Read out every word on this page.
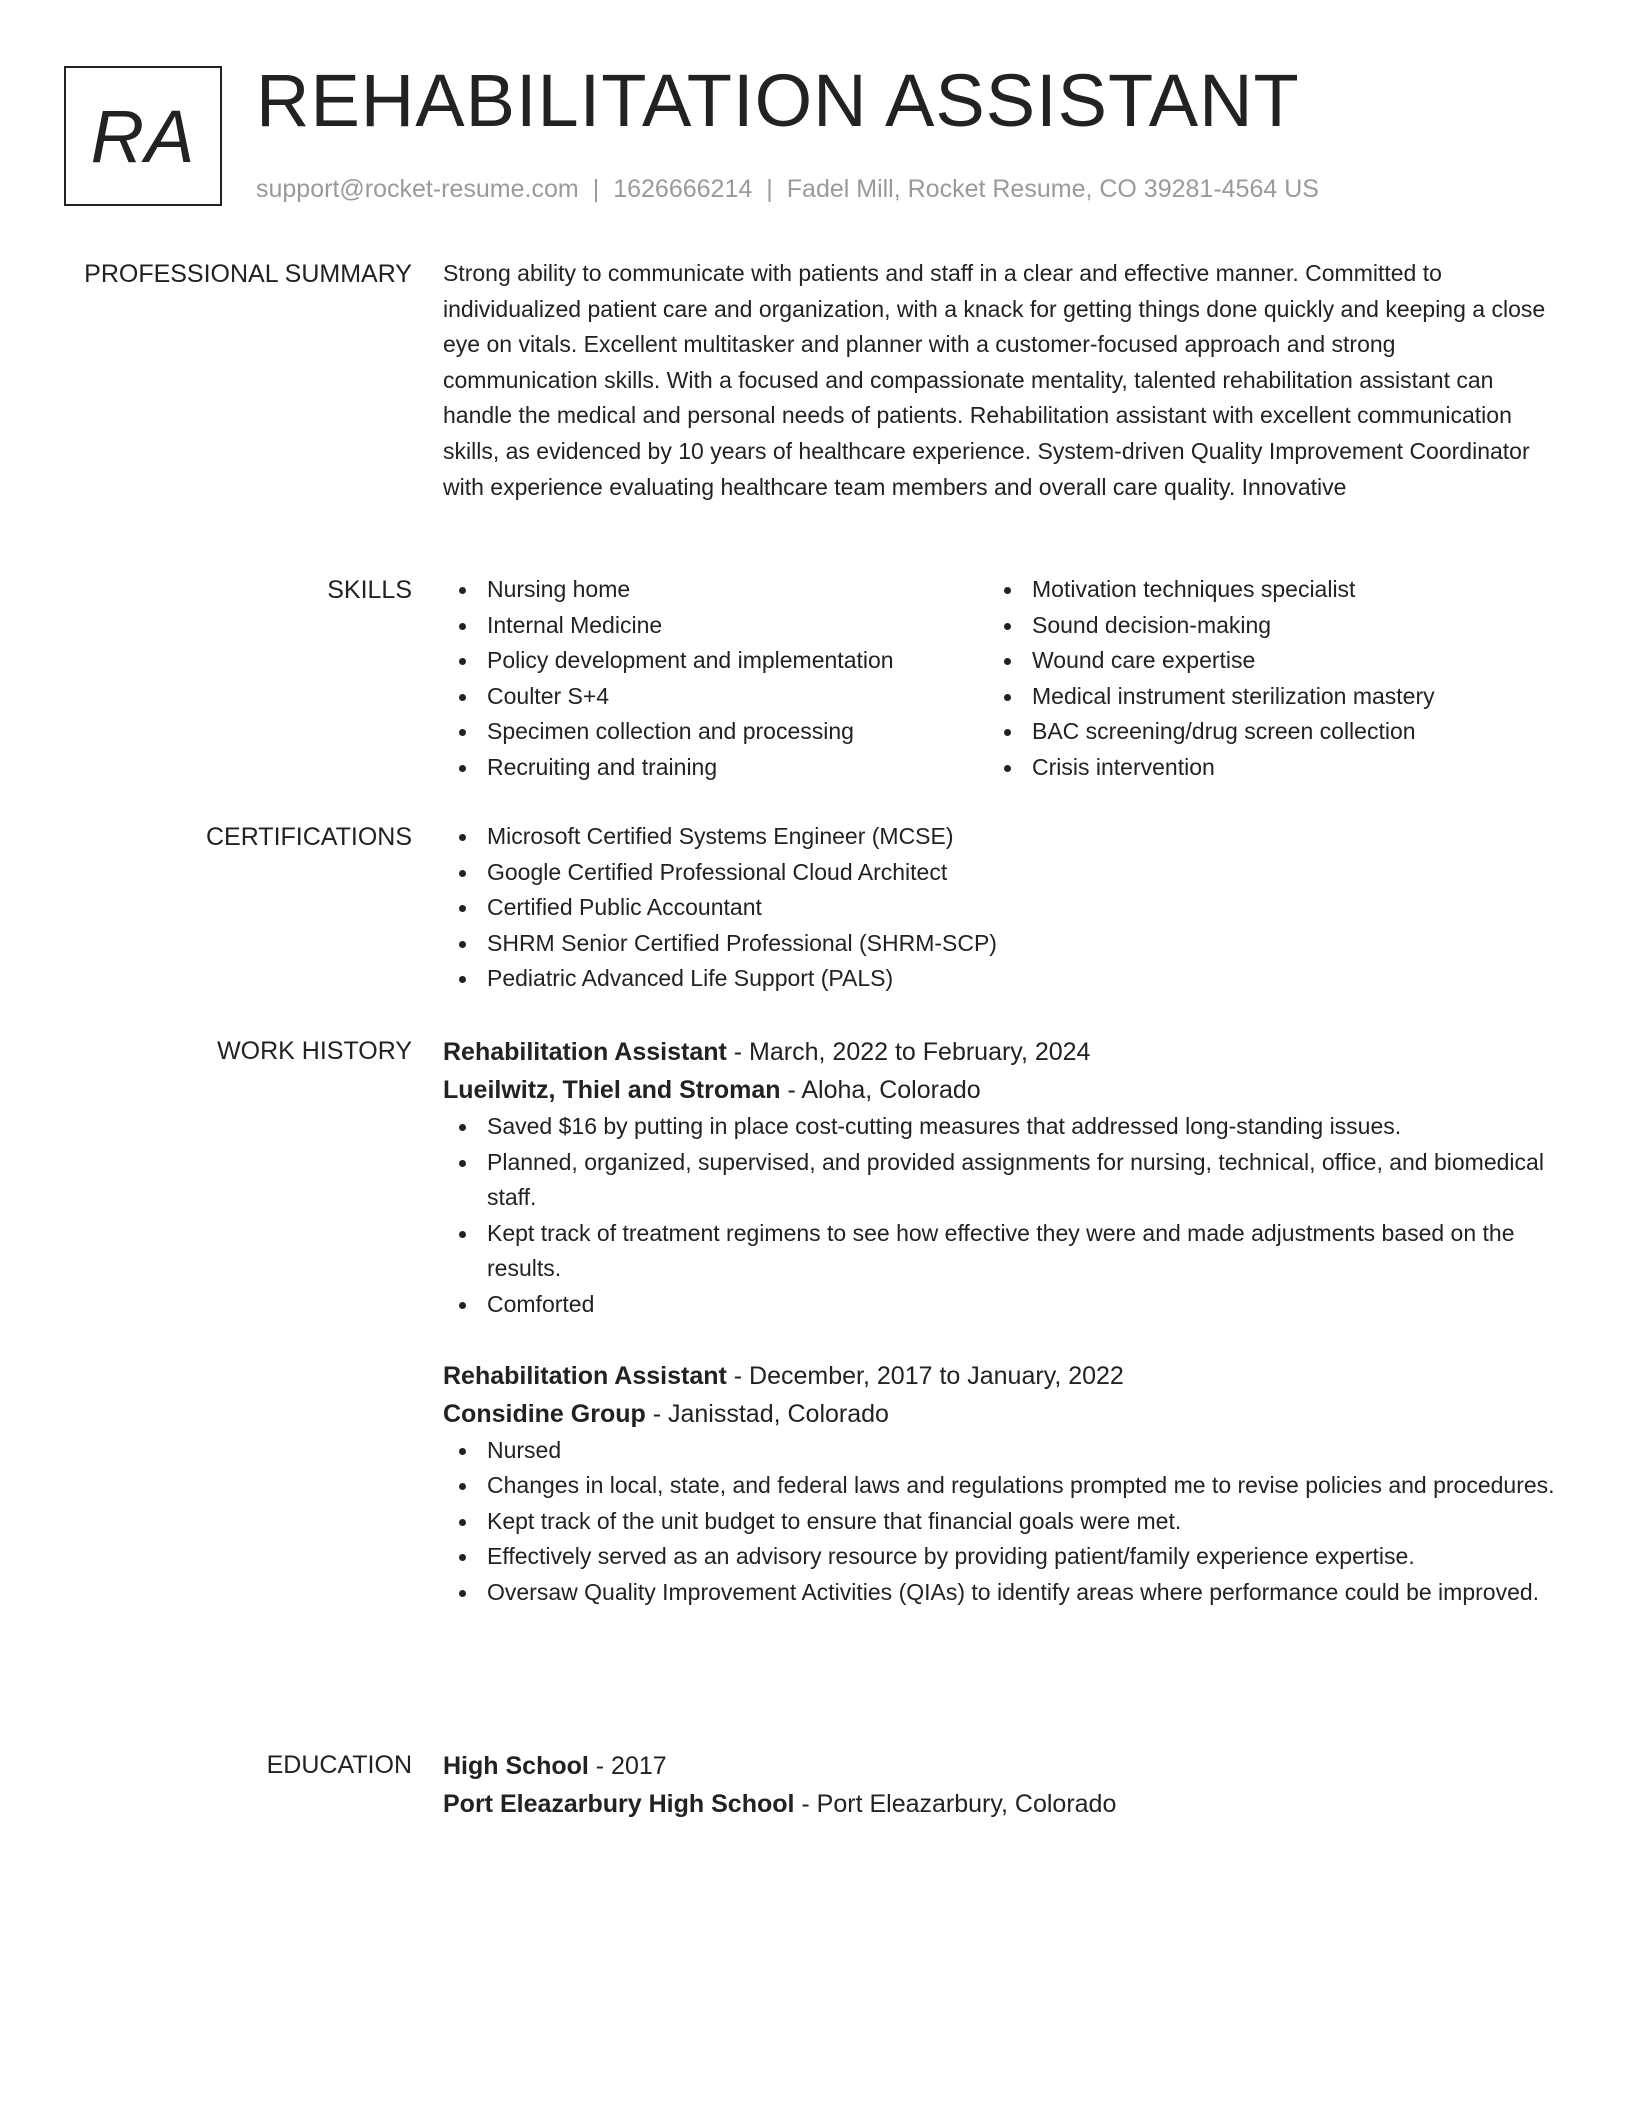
RA REHABILITATION ASSISTANT
support@rocket-resume.com | 1626666214 | Fadel Mill, Rocket Resume, CO 39281-4564 US
PROFESSIONAL SUMMARY Strong ability to communicate with patients and staff in a clear and effective manner. Committed to individualized patient care and organization, with a knack for getting things done quickly and keeping a close eye on vitals. Excellent multitasker and planner with a customer-focused approach and strong communication skills. With a focused and compassionate mentality, talented rehabilitation assistant can handle the medical and personal needs of patients. Rehabilitation assistant with excellent communication skills, as evidenced by 10 years of healthcare experience. System-driven Quality Improvement Coordinator with experience evaluating healthcare team members and overall care quality. Innovative

SKILLS	Nursing home
Internal Medicine
Policy development and implementation
Coulter S+4
Specimen collection and processing
Recruiting and training
Motivation techniques specialist
Sound decision-making
Wound care expertise
Medical instrument sterilization mastery
BAC screening/drug screen collection
Crisis intervention
CERTIFICATIONS	Microsoft Certified Systems Engineer (MCSE)
Google Certified Professional Cloud Architect
Certified Public Accountant
SHRM Senior Certified Professional (SHRM-SCP)
Pediatric Advanced Life Support (PALS)
WORK HISTORY Rehabilitation Assistant - March, 2022 to February, 2024
Lueilwitz, Thiel and Stroman - Aloha, Colorado
Saved $16 by putting in place cost-cutting measures that addressed long-standing issues.
Planned, organized, supervised, and provided assignments for nursing, technical, office, and biomedical staff.
Kept track of treatment regimens to see how effective they were and made adjustments based on the results.
Comforted
Rehabilitation Assistant - December, 2017 to January, 2022
Considine Group - Janisstad, Colorado
Nursed
Changes in local, state, and federal laws and regulations prompted me to revise policies and procedures.
Kept track of the unit budget to ensure that financial goals were met.
Effectively served as an advisory resource by providing patient/family experience expertise.
Oversaw Quality Improvement Activities (QIAs) to identify areas where performance could be improved.
EDUCATION High School - 2017
Port Eleazarbury High School - Port Eleazarbury, Colorado
